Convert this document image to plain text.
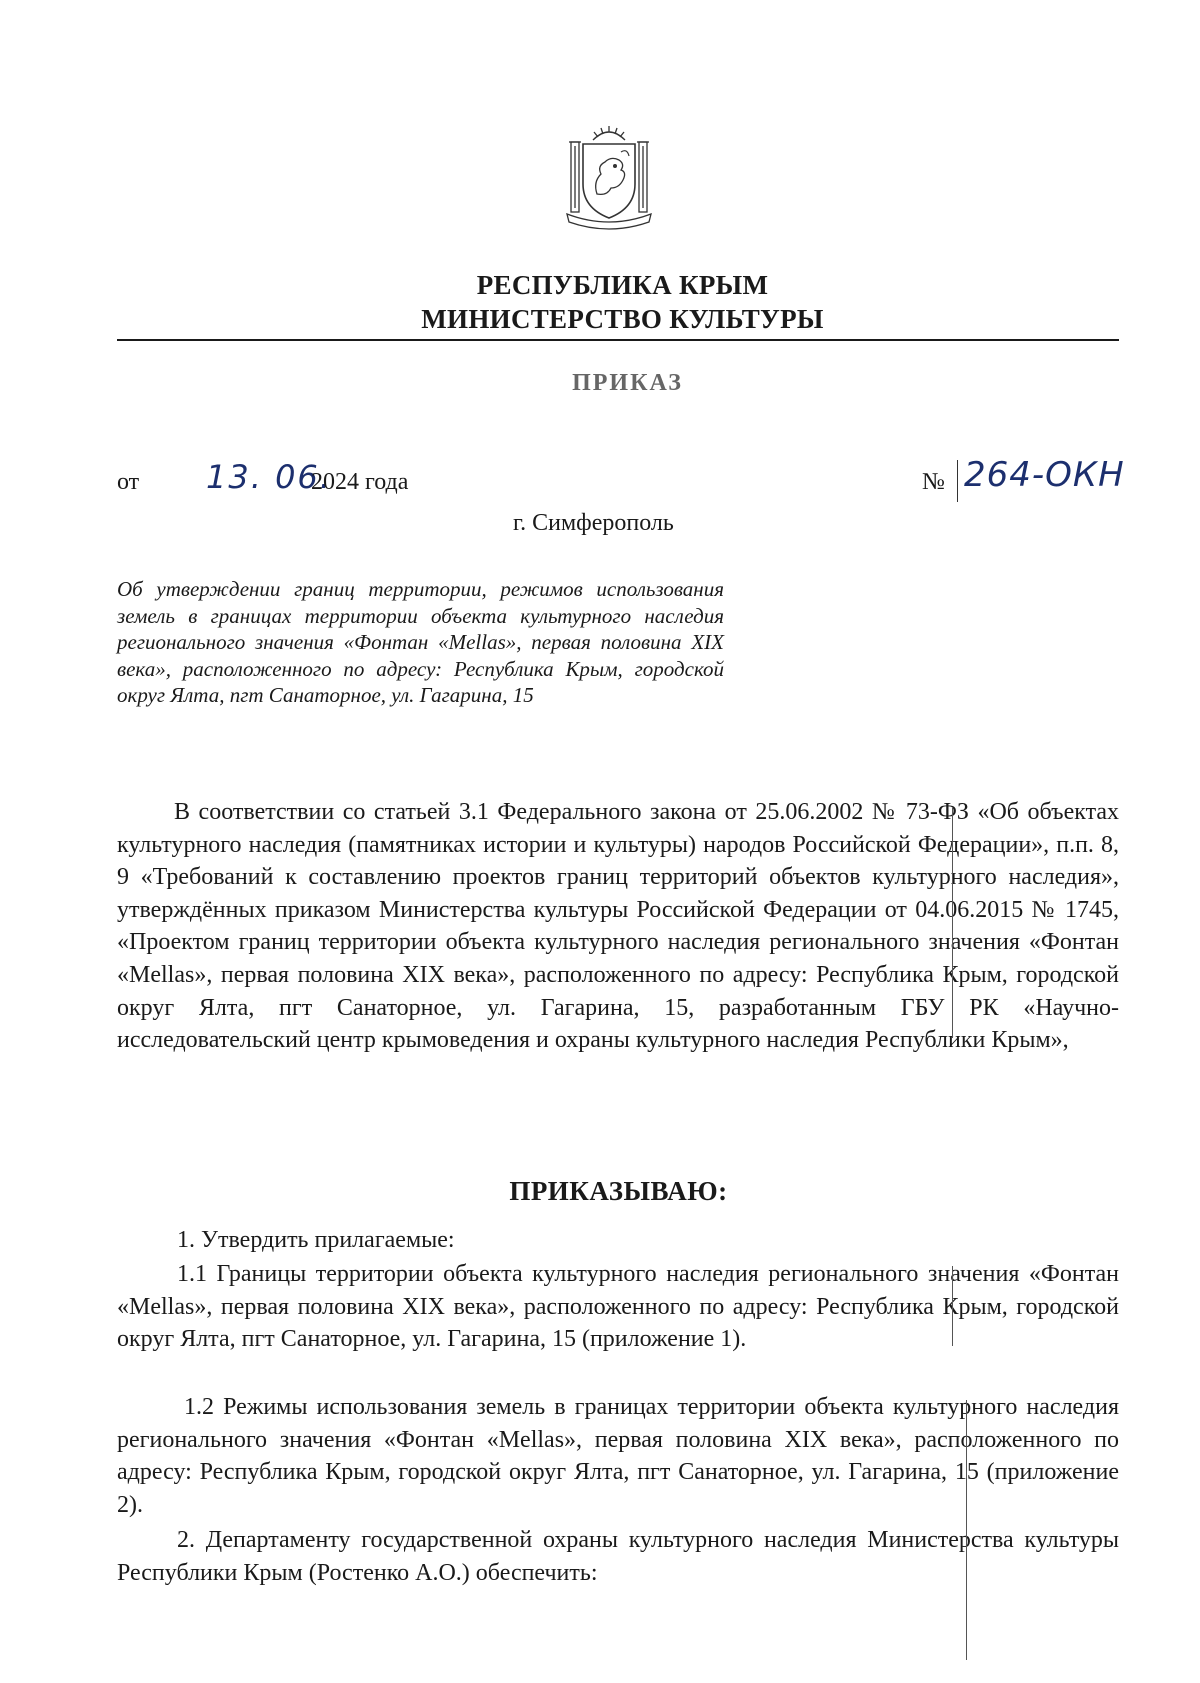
РЕСПУБЛИКА КРЫМ
МИНИСТЕРСТВО КУЛЬТУРЫ
ПРИКАЗ
от 13. 06.
2024 года	№ 264-ОКН
г. Симферополь
Об утверждении границ территории, режимов использования земель в границах территории объекта культурного наследия регионального значения «Фонтан «Mellas», первая половина XIX века», расположенного по адресу: Республика Крым, городской округ Ялта, пгт Санаторное, ул. Гагарина, 15
В соответствии со статьей 3.1 Федерального закона от 25.06.2002 № 73-ФЗ «Об объектах культурного наследия (памятниках истории и культуры) народов Российской Федерации», п.п. 8, 9 «Требований к составлению проектов границ территорий объектов культурного наследия», утверждённых приказом Министерства культуры Российской Федерации от 04.06.2015 № 1745, «Проектом границ территории объекта культурного наследия регионального значения «Фонтан «Mellas», первая половина XIX века», расположенного по адресу: Республика Крым, городской округ Ялта, пгт Санаторное, ул. Гагарина, 15, разработанным ГБУ РК «Научно-исследовательский центр крымоведения и охраны культурного наследия Республики Крым»,
ПРИКАЗЫВАЮ:
1. Утвердить прилагаемые:
1.1 Границы территории объекта культурного наследия регионального значения «Фонтан «Mellas», первая половина XIX века», расположенного по адресу: Республика Крым, городской округ Ялта, пгт Санаторное, ул. Гагарина, 15 (приложение 1).
1.2 Режимы использования земель в границах территории объекта культурного наследия регионального значения «Фонтан «Mellas», первая половина XIX века», расположенного по адресу: Республика Крым, городской округ Ялта, пгт Санаторное, ул. Гагарина, 15 (приложение 2).
2. Департаменту государственной охраны культурного наследия Министерства культуры Республики Крым (Ростенко А.О.) обеспечить:
